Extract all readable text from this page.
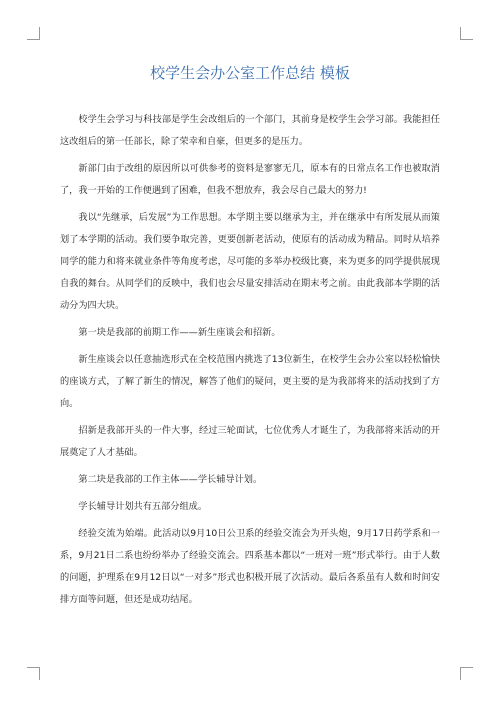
校学生会办公室工作总结 模板

校学生会学习与科技部是学生会改组后的一个部门，其前身是校学生会学习部。我能担任这改组后的第一任部长，除了荣幸和自豪，但更多的是压力。

新部门由于改组的原因所以可供参考的资料是寥寥无几，原本有的日常点名工作也被取消了，我一开始的工作便遇到了困难，但我不想放弃，我会尽自己最大的努力!

我以“先继承，后发展”为工作思想。本学期主要以继承为主，并在继承中有所发展从而策划了本学期的活动。我们要争取完善，更要创新老活动，使原有的活动成为精品。同时从培养同学的能力和将来就业条件等角度考虑，尽可能的多举办校级比赛，来为更多的同学提供展现自我的舞台。从同学们的反映中，我们也会尽量安排活动在期末考之前。由此我部本学期的活动分为四大块。

第一块是我部的前期工作——新生座谈会和招新。

新生座谈会以任意抽选形式在全校范围内挑选了13位新生，在校学生会办公室以轻松愉快的座谈方式，了解了新生的情况，解答了他们的疑问，更主要的是为我部将来的活动找到了方向。

招新是我部开头的一件大事，经过三轮面试，七位优秀人才诞生了，为我部将来活动的开展奠定了人才基础。

第二块是我部的工作主体——学长辅导计划。

学长辅导计划共有五部分组成。

经验交流为始端。此活动以9月10日公卫系的经验交流会为开头炮，9月17日药学系和一系，9月21日二系也纷纷举办了经验交流会。四系基本都以“一班对一班”形式举行。由于人数的问题，护理系在9月12日以“一对多”形式也积极开展了次活动。最后各系虽有人数和时间安排方面等问题，但还是成功结尾。
